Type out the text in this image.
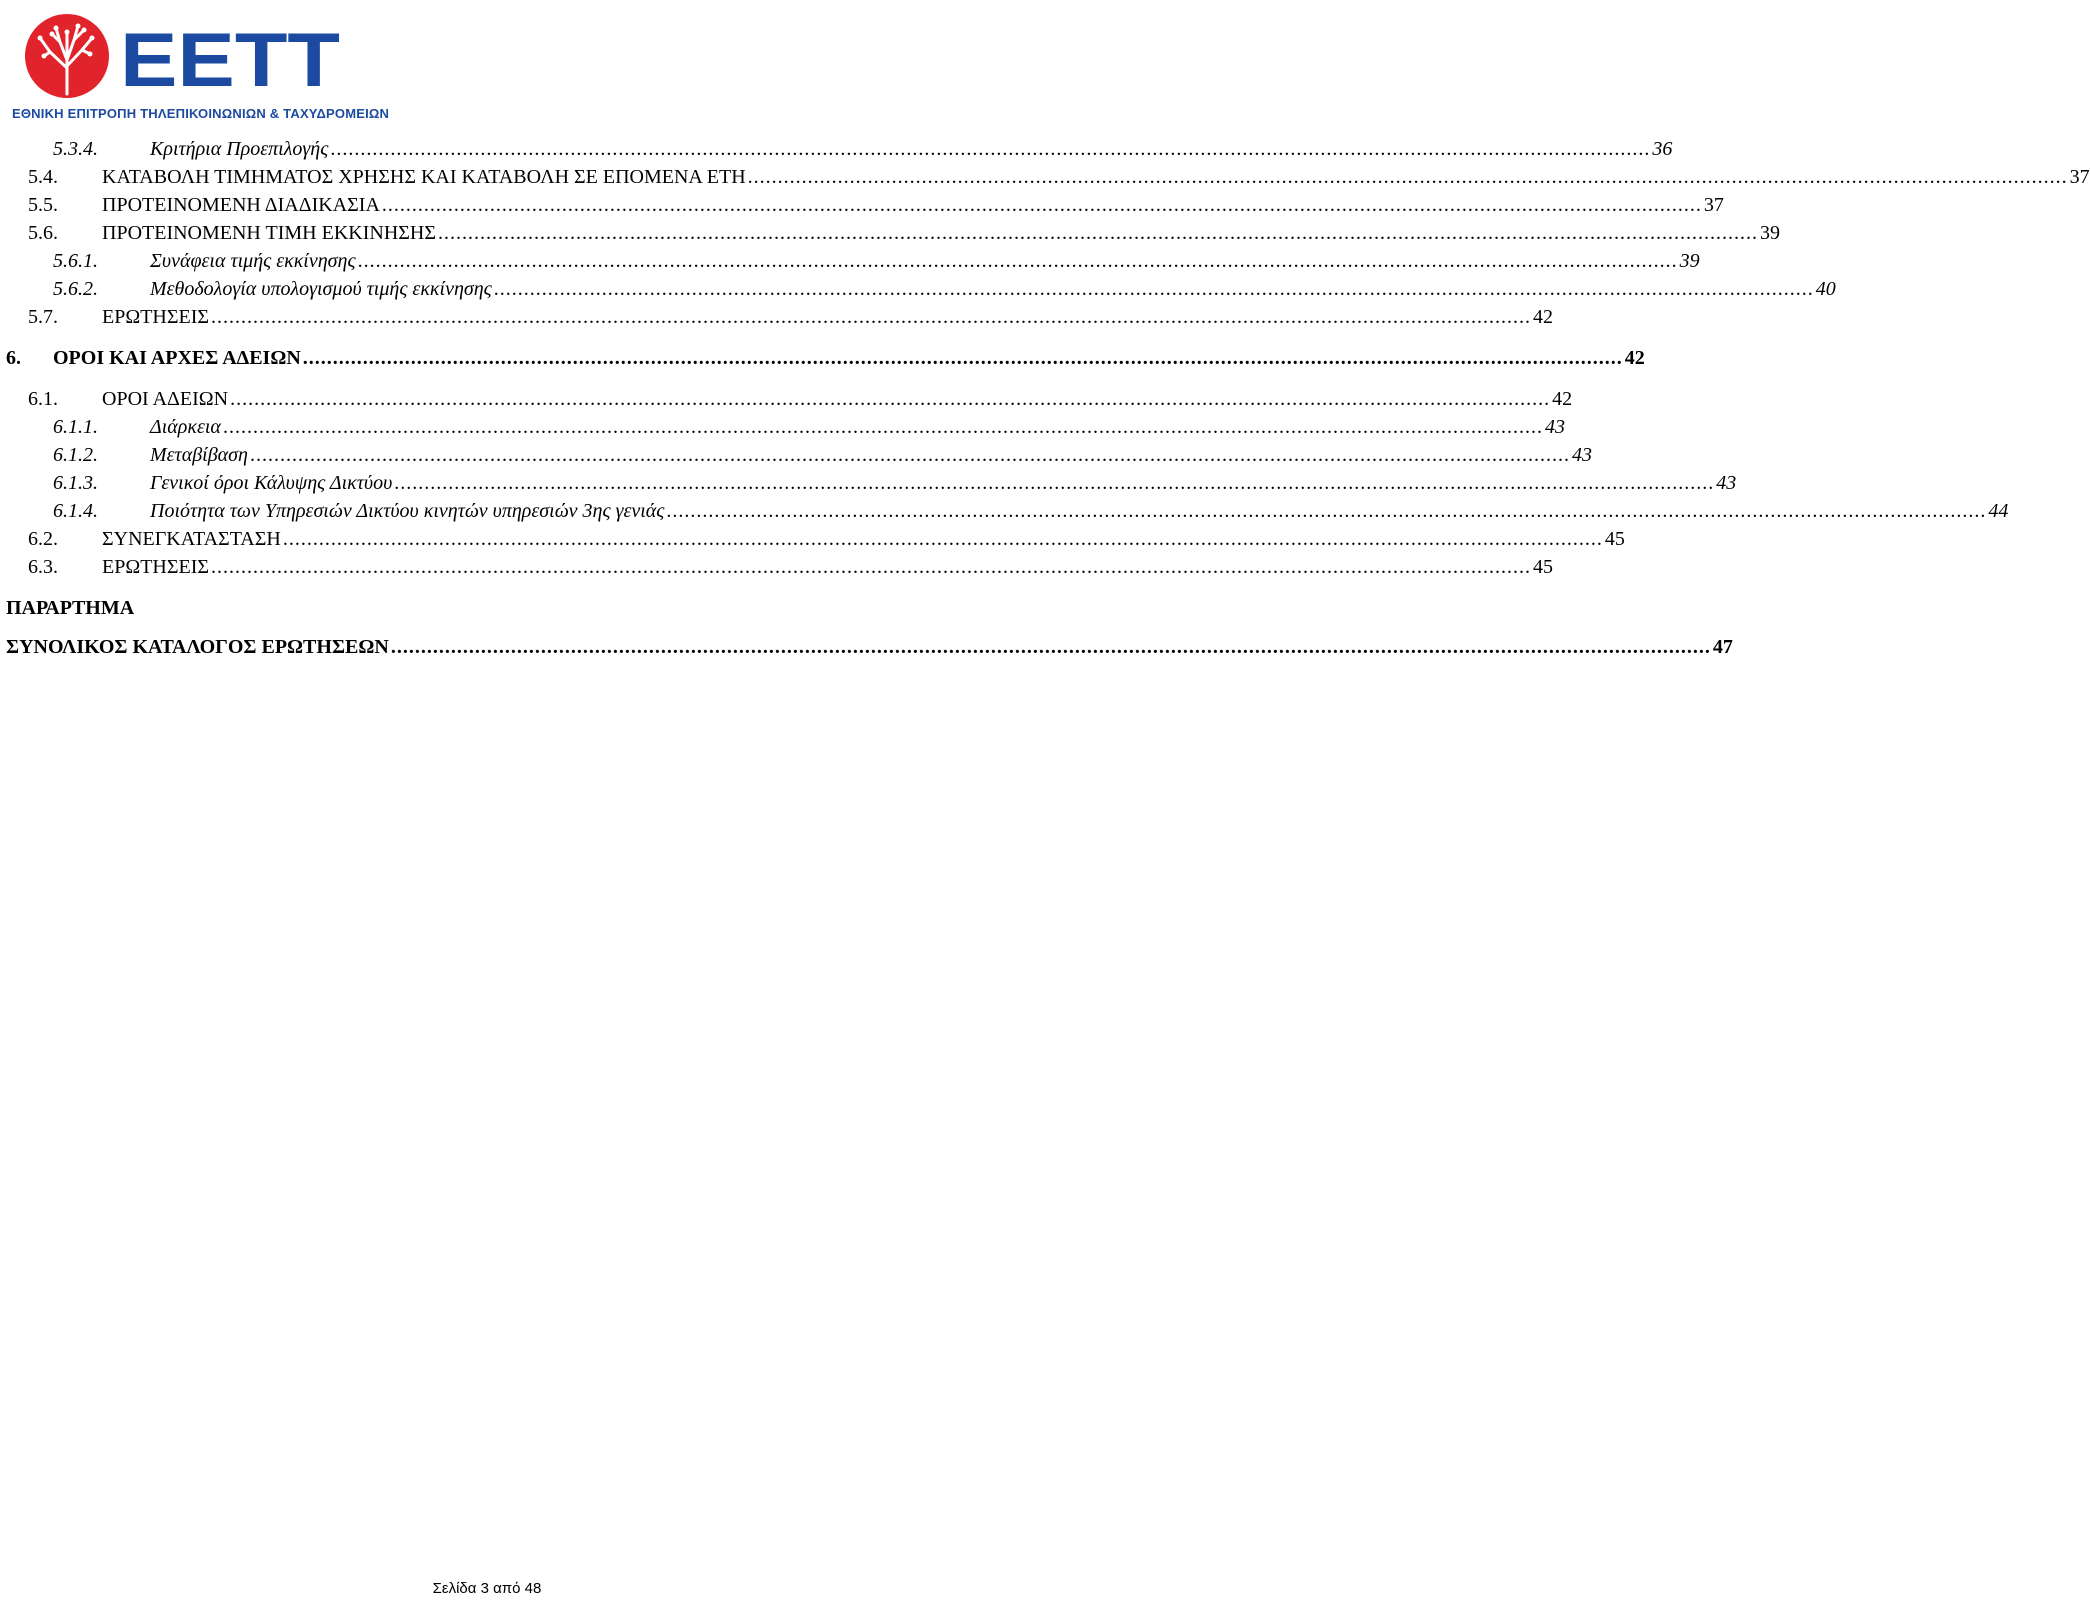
ΕΕΤΤ
ΕΘΝΙΚΗ ΕΠΙΤΡΟΠΗ ΤΗΛΕΠΙΚΟΙΝΩΝΙΩΝ & ΤΑΧΥΔΡΟΜΕΙΩΝ
5.3.4.	Κριτήρια Προεπιλογής ............................................................................................................................................................................................................................ 36
5.4. ΚΑΤΑΒΟΛΗ ΤΙΜΗΜΑΤΟΣ ΧΡΗΣΗΣ ΚΑΙ ΚΑΤΑΒΟΛΗ ΣΕ ΕΠΟΜΕΝΑ ΕΤΗ ............................................................................................................................................................................................................................ 37
5.5. ΠΡΟΤΕΙΝΟΜΕΝΗ ΔΙΑΔΙΚΑΣΙΑ ............................................................................................................................................................................................................................ 37
5.6. ΠΡΟΤΕΙΝΟΜΕΝΗ ΤΙΜΗ ΕΚΚΙΝΗΣΗΣ ............................................................................................................................................................................................................................ 39
5.6.1.	Συνάφεια τιμής εκκίνησης ............................................................................................................................................................................................................................ 39
5.6.2.	Μεθοδολογία υπολογισμού τιμής εκκίνησης ............................................................................................................................................................................................................................ 40
5.7. ΕΡΩΤΗΣΕΙΣ ............................................................................................................................................................................................................................ 42
6. ΟΡΟΙ ΚΑΙ ΑΡΧΕΣ ΑΔΕΙΩΝ ............................................................................................................................................................................................................................ 42
6.1. ΟΡΟΙ ΑΔΕΙΩΝ ............................................................................................................................................................................................................................ 42
6.1.1.	Διάρκεια ............................................................................................................................................................................................................................ 43
6.1.2.	Μεταβίβαση ............................................................................................................................................................................................................................ 43
6.1.3.	Γενικοί όροι Κάλυψης Δικτύου ............................................................................................................................................................................................................................ 43
6.1.4.	Ποιότητα των Υπηρεσιών Δικτύου κινητών υπηρεσιών 3ης γενιάς ............................................................................................................................................................................................................................ 44
6.2. ΣΥΝΕΓΚΑΤΑΣΤΑΣΗ ............................................................................................................................................................................................................................ 45
6.3. ΕΡΩΤΗΣΕΙΣ ............................................................................................................................................................................................................................ 45
ΠΑΡΑΡΤΗΜΑ
ΣΥΝΟΛΙΚΟΣ ΚΑΤΑΛΟΓΟΣ ΕΡΩΤΗΣΕΩΝ ............................................................................................................................................................................................................................ 47
Σελίδα 3 από 48
